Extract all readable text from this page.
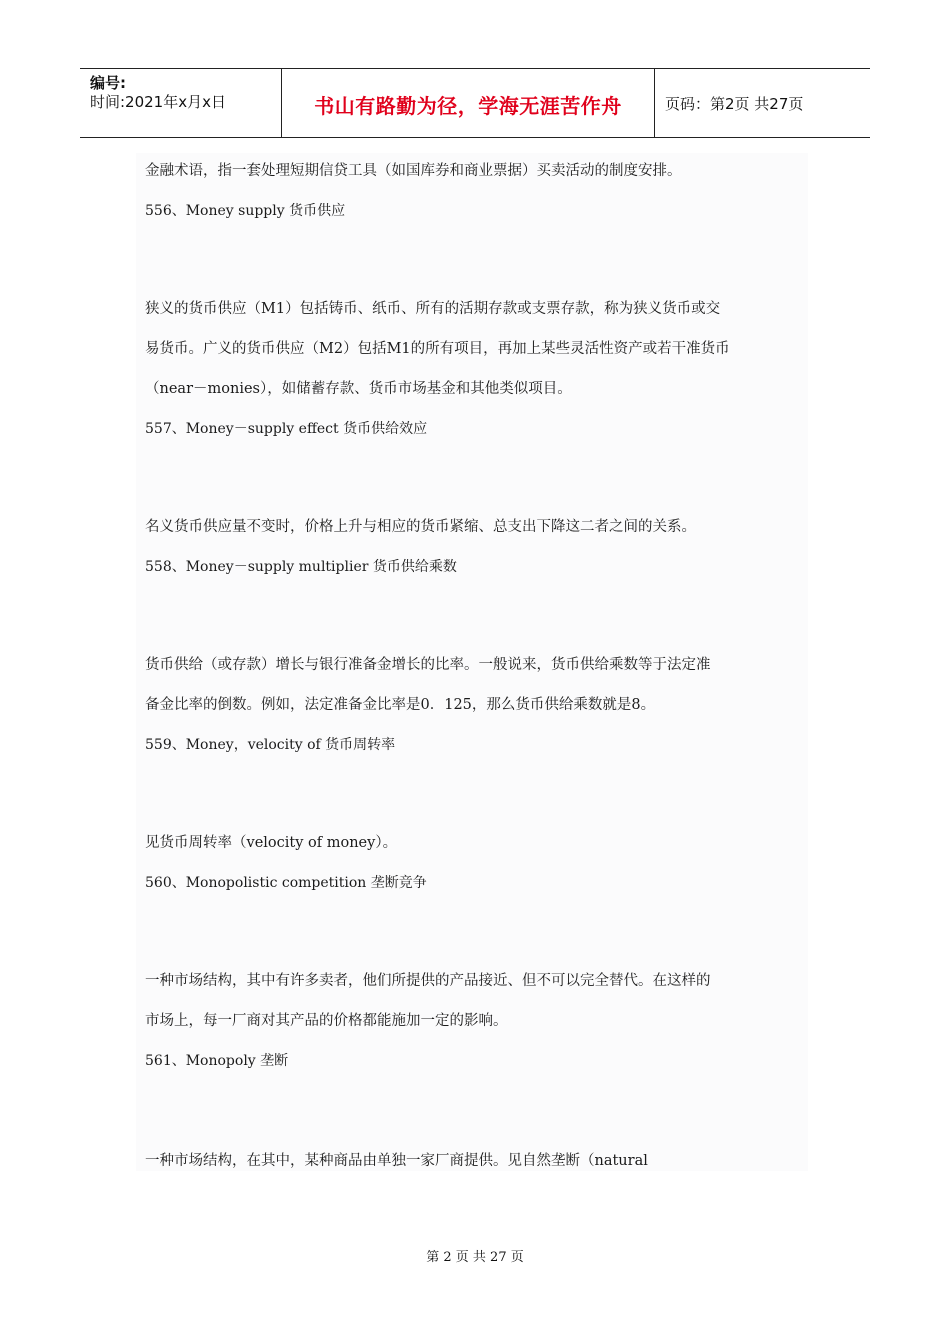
编号:
时间:2021年x月x日	书山有路勤为径，学海无涯苦作舟	页码：第2页 共27页
金融术语，指一套处理短期信贷工具（如国库券和商业票据）买卖活动的制度安排。
556、Money supply 货币供应
狭义的货币供应（M1）包括铸币、纸币、所有的活期存款或支票存款，称为狭义货币或交
易货币。广义的货币供应（M2）包括M1的所有项目，再加上某些灵活性资产或若干准货币
（near－monies），如储蓄存款、货币市场基金和其他类似项目。
557、Money－supply effect 货币供给效应
名义货币供应量不变时，价格上升与相应的货币紧缩、总支出下降这二者之间的关系。
558、Money－supply multiplier 货币供给乘数
货币供给（或存款）增长与银行准备金增长的比率。一般说来，货币供给乘数等于法定准
备金比率的倒数。例如，法定准备金比率是0．125，那么货币供给乘数就是8。
559、Money，velocity of 货币周转率
见货币周转率（velocity of money）。
560、Monopolistic competition 垄断竞争
一种市场结构，其中有许多卖者，他们所提供的产品接近、但不可以完全替代。在这样的
市场上，每一厂商对其产品的价格都能施加一定的影响。
561、Monopoly 垄断
一种市场结构，在其中，某种商品由单独一家厂商提供。见自然垄断（natural
第 2 页 共 27 页
